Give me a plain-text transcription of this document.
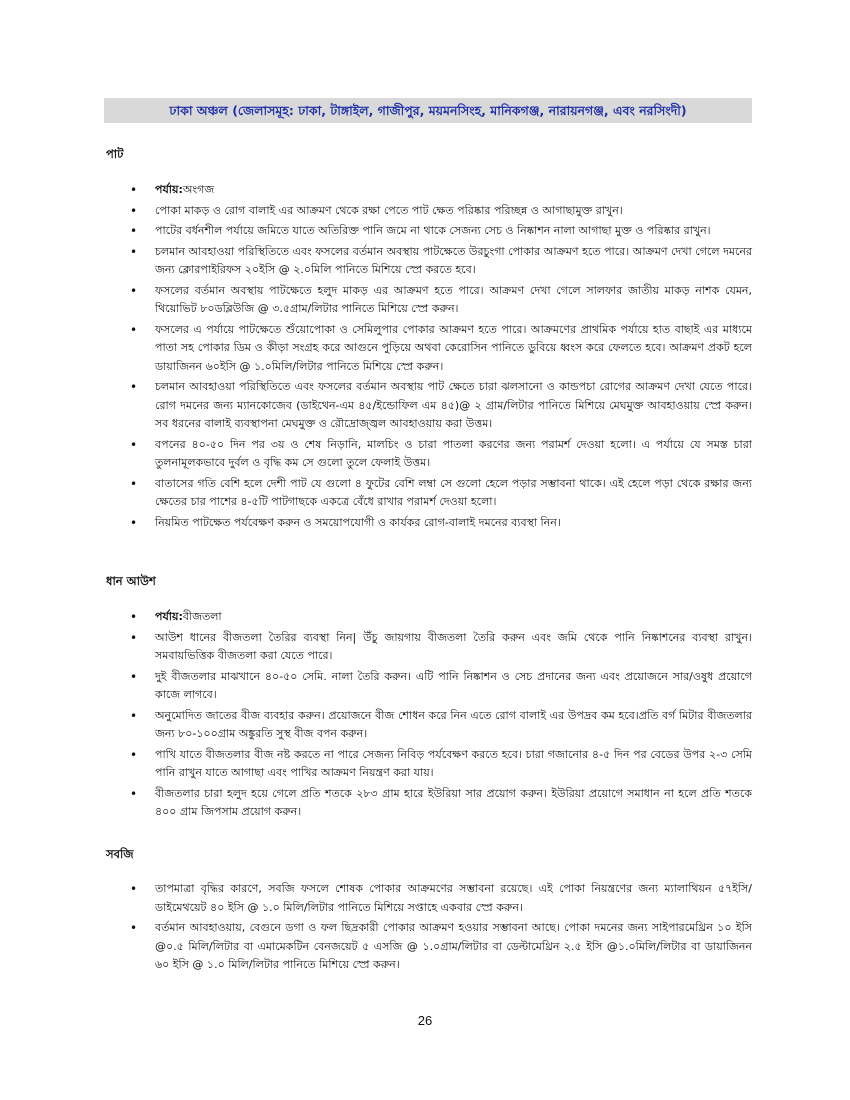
ঢাকা অঞ্চল (জেলাসমূহ: ঢাকা, টাঙ্গাইল, গাজীপুর, ময়মনসিংহ, মানিকগঞ্জ, নারায়নগঞ্জ, এবং নরসিংদী)
পাট
• পর্যায়:অংগজ
• পোকা মাকড় ও রোগ বালাই এর আক্রমণ থেকে রক্ষা পেতে পাট ক্ষেত পরিষ্কার পরিচ্ছন্ন ও আগাছামুক্ত রাখুন।
• পাটের বর্ধনশীল পর্যায়ে জমিতে যাতে অতিরিক্ত পানি জমে না থাকে সেজন্য সেচ ও নিষ্কাশন নালা আগাছা মুক্ত ও পরিষ্কার রাখুন।
• চলমান আবহাওয়া পরিস্থিতিতে এবং ফসলের বর্তমান অবস্থায় পাটক্ষেতে উরচুংগা পোকার আক্রমণ হতে পারে। আক্রমণ দেখা গেলে দমনের জন্য ক্লোরপাইরিফস ২০ইসি @ ২.০মিলি পানিতে মিশিয়ে স্প্রে করতে হবে।
• ফসলের বর্তমান অবস্থায় পাটক্ষেতে হলুদ মাকড় এর আক্রমণ হতে পারে। আক্রমণ দেখা গেলে সালফার জাতীয় মাকড় নাশক যেমন, থিয়োভিট ৮০ডব্লিউজি @ ৩.৫গ্রাম/লিটার পানিতে মিশিয়ে স্প্রে করুন।
• ফসলের এ পর্যায়ে পাটক্ষেতে শুঁয়োপোকা ও সেমিলুপার পোকার আক্রমণ হতে পারে। আক্রমণের প্রাথমিক পর্যায়ে হাত বাছাই এর মাধ্যমে পাতা সহ পোকার ডিম ও কীড়া সংগ্রহ করে আগুনে পুড়িয়ে অথবা কেরোসিন পানিতে ডুবিয়ে ধ্বংস করে ফেলতে হবে। আক্রমণ প্রকট হলে ডায়াজিনন ৬০ইসি @ ১.০মিলি/লিটার পানিতে মিশিয়ে স্প্রে করুন।
• চলমান আবহাওয়া পরিস্থিতিতে এবং ফসলের বর্তমান অবস্থায় পাট ক্ষেতে চারা ঝলসানো ও কান্ডপচা রোগের আক্রমণ দেখা যেতে পারে। রোগ দমনের জন্য ম্যানকোজেব (ডাইথেন-এম ৪৫/ইন্ডোফিল এম ৪৫)@ ২ গ্রাম/লিটার পানিতে মিশিয়ে মেঘমুক্ত আবহাওয়ায় স্প্রে করুন। সব ধরনের বালাই ব্যবস্থাপনা মেঘমুক্ত ও রৌদ্রোজ্জ্বল আবহাওয়ায় করা উত্তম।
• বপনের ৪০-৫০ দিন পর ৩য় ও শেষ নিড়ানি, মালচিং ও চারা পাতলা করণের জন্য পরামর্শ দেওয়া হলো। এ পর্যায়ে যে সমস্ত চারা তুলনামূলকভাবে দুর্বল ও বৃদ্ধি কম সে গুলো তুলে ফেলাই উত্তম।
• বাতাসের গতি বেশি হলে দেশী পাট যে গুলো ৪ ফুটের বেশি লম্বা সে গুলো হেলে পড়ার সম্ভাবনা থাকে। এই হেলে পড়া থেকে রক্ষার জন্য ক্ষেতের চার পাশের ৪-৫টি পাটগাছকে একত্রে বেঁধে রাখার পরামর্শ দেওয়া হলো।
• নিয়মিত পাটক্ষেত পর্যবেক্ষণ করুন ও সময়োপযোগী ও কার্যকর রোগ-বালাই দমনের ব্যবস্থা নিন।
ধান আউশ
• পর্যায়:বীজতলা
• আউশ ধানের বীজতলা তৈরির ব্যবস্থা নিন| উঁচু জায়গায় বীজতলা তৈরি করুন এবং জমি থেকে পানি নিষ্কাশনের ব্যবস্থা রাখুন। সমবায়ভিত্তিক বীজতলা করা যেতে পারে।
• দুই বীজতলার মাঝখানে ৪০-৫০ সেমি. নালা তৈরি করুন। এটি পানি নিষ্কাশন ও সেচ প্রদানের জন্য এবং প্রয়োজনে সার/ওষুধ প্রয়োগে কাজে লাগবে।
• অনুমোদিত জাতের বীজ ব্যবহার করুন। প্রয়োজনে বীজ শোধন করে নিন এতে রোগ বালাই এর উপদ্রব কম হবে।প্রতি বর্গ মিটার বীজতলার জন্য ৮০-১০০গ্রাম অঙ্কুরতি সুস্থ বীজ বপন করুন।
• পাখি যাতে বীজতলার বীজ নষ্ট করতে না পারে সেজন্য নিবিড় পর্যবেক্ষণ করতে হবে। চারা গজানোর ৪-৫ দিন পর বেডের উপর ২-৩ সেমি পানি রাখুন যাতে আগাছা এবং পাখির আক্রমণ নিয়ন্ত্রণ করা যায়।
• বীজতলার চারা হলুদ হয়ে গেলে প্রতি শতকে ২৮৩ গ্রাম হারে ইউরিয়া সার প্রয়োগ করুন। ইউরিয়া প্রয়োগে সমাধান না হলে প্রতি শতকে ৪০০ গ্রাম জিপসাম প্রয়োগ করুন।
সবজি
• তাপমাত্রা বৃদ্ধির কারণে, সবজি ফসলে শোষক পোকার আক্রমণের সম্ভাবনা রয়েছে। এই পোকা নিয়ন্ত্রণের জন্য ম্যালাথিয়ন ৫৭ইসি/ডাইমেথয়েট ৪০ ইসি @ ১.০ মিলি/লিটার পানিতে মিশিয়ে সপ্তাহে একবার স্প্রে করুন।
• বর্তমান আবহাওয়ায়, বেগুনে ডগা ও ফল ছিদ্রকারী পোকার আক্রমণ হওয়ার সম্ভাবনা আছে। পোকা দমনের জন্য সাইপারমেথ্রিন ১০ ইসি @০.৫ মিলি/লিটার বা এমামেকটিন বেনজয়েট ৫ এসজি @ ১.০গ্রাম/লিটার বা ডেল্টামেথ্রিন ২.৫ ইসি @১.০মিলি/লিটার বা ডায়াজিনন ৬০ ইসি @ ১.০ মিলি/লিটার পানিতে মিশিয়ে স্প্রে করুন।
26
